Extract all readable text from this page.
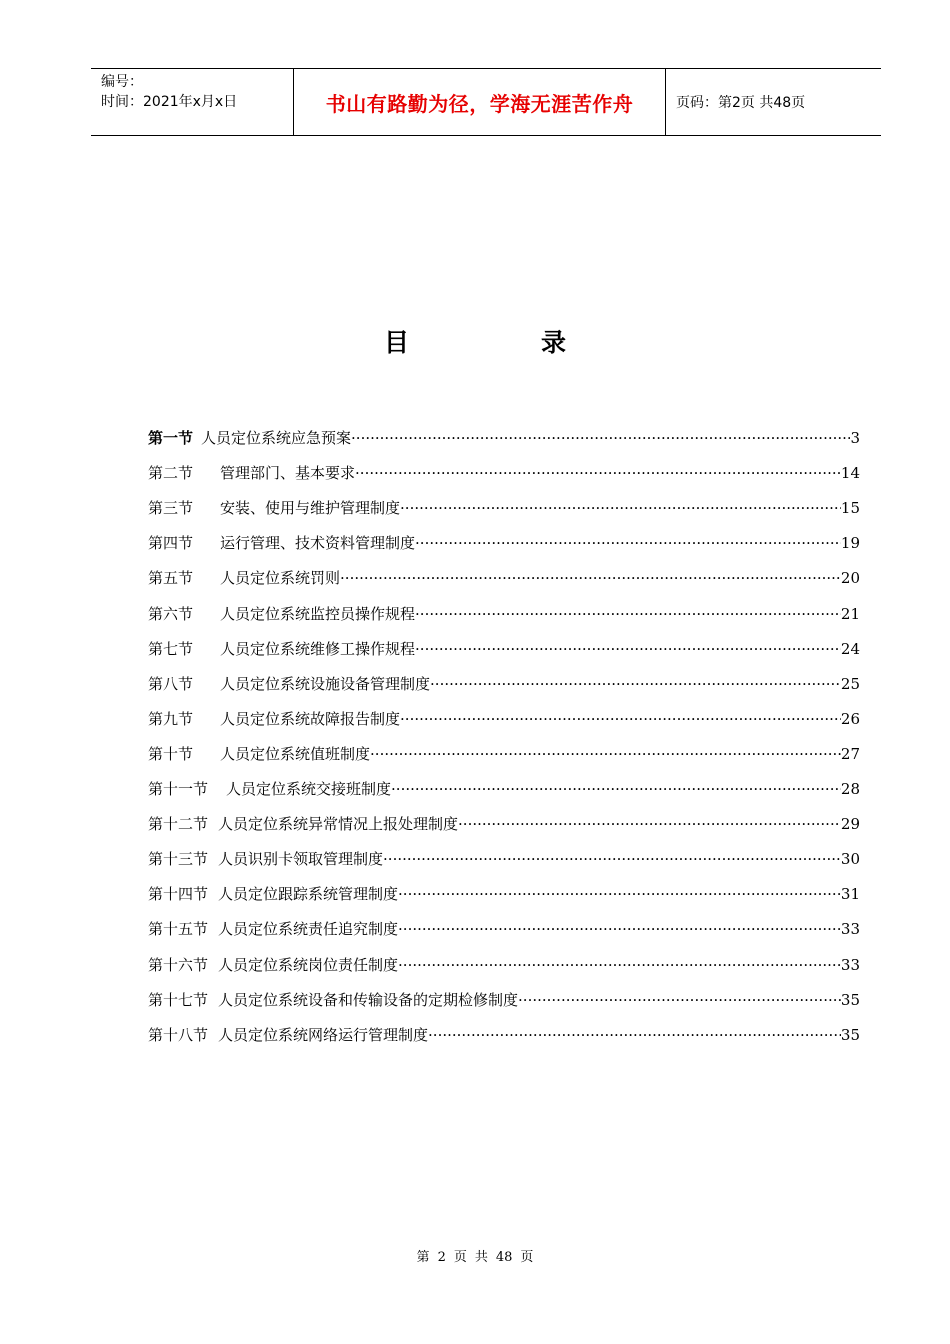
编号：
时间：2021年x月x日	书山有路勤为径，学海无涯苦作舟	页码：第2页 共48页
目	录
第一节 人员定位系统应急预案 ·····	3
第二节 管理部门、基本要求 ·····	14
第三节 安装、使用与维护管理制度 ·····	15
第四节 运行管理、技术资料管理制度 ·····	19
第五节 人员定位系统罚则 ·····	20
第六节 人员定位系统监控员操作规程 ·····	21
第七节 人员定位系统维修工操作规程 ·····	24
第八节 人员定位系统设施设备管理制度 ·····	25
第九节 人员定位系统故障报告制度 ·····	26
第十节 人员定位系统值班制度 ·····	27
第十一节 人员定位系统交接班制度 ·····	28
第十二节 人员定位系统异常情况上报处理制度 ·····	29
第十三节 人员识别卡领取管理制度 ·····	30
第十四节 人员定位跟踪系统管理制度 ·····	31
第十五节 人员定位系统责任追究制度 ·····	33
第十六节 人员定位系统岗位责任制度 ·····	33
第十七节 人员定位系统设备和传输设备的定期检修制度 ·····	35
第十八节 人员定位系统网络运行管理制度 ·····	35
第 2 页 共 48 页
